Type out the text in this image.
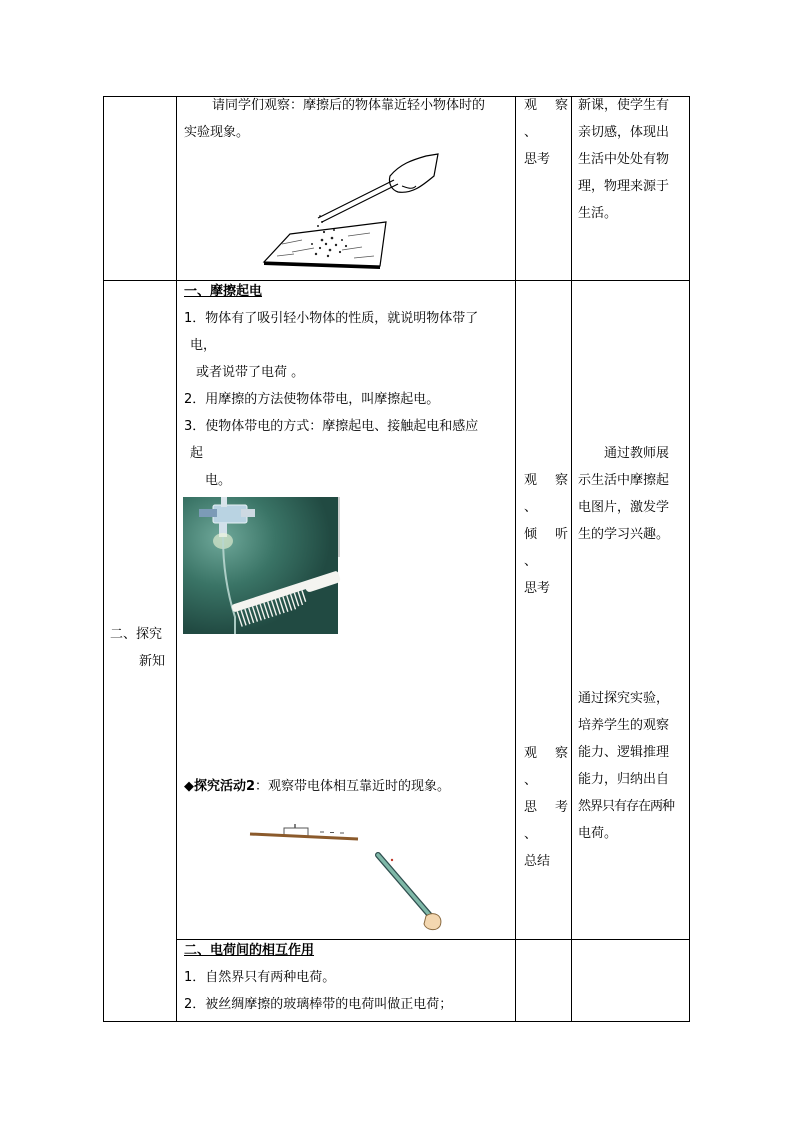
请同学们观察：摩擦后的物体靠近轻小物体时的
实验现象。
观 察
、
思考
新课，使学生有
亲切感，体现出
生活中处处有物
理，物理来源于
生活。
二、探究
新知
一、摩擦起电
1．物体有了吸引轻小物体的性质，就说明物体带了
电，
或者说带了电荷 。
2．用摩擦的方法使物体带电，叫摩擦起电。
3．使物体带电的方式：摩擦起电、接触起电和感应
起
电。
◆探究活动2：观察带电体相互靠近时的现象。
观 察
、
倾 听
、
思考
观 察
、
思 考
、
总结
通过教师展
示生活中摩擦起
电图片，激发学
生的学习兴趣。
通过探究实验，
培养学生的观察
能力、逻辑推理
能力，归纳出自
然界只有存在两种
电荷。
二、电荷间的相互作用
1．自然界只有两种电荷。
2．被丝绸摩擦的玻璃棒带的电荷叫做正电荷；
